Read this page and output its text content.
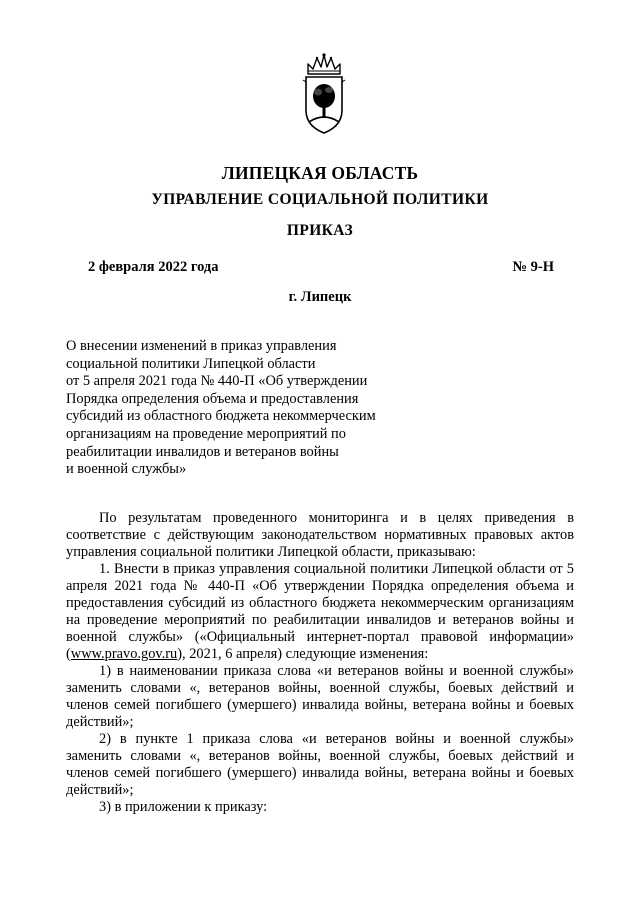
ЛИПЕЦКАЯ ОБЛАСТЬ
УПРАВЛЕНИЕ СОЦИАЛЬНОЙ ПОЛИТИКИ
ПРИКАЗ
2 февраля 2022 года	№ 9-Н
г. Липецк
О внесении изменений в приказ управления
социальной политики Липецкой области
от 5 апреля 2021 года № 440-П «Об утверждении
Порядка определения объема и предоставления
субсидий из областного бюджета некоммерческим
организациям на проведение мероприятий по
реабилитации инвалидов и ветеранов войны
и военной службы»

По результатам проведенного мониторинга и в целях приведения в соответствие с действующим законодательством нормативных правовых актов управления социальной политики Липецкой области, приказываю:

1. Внести в приказ управления социальной политики Липецкой области от 5 апреля 2021 года № 440-П «Об утверждении Порядка определения объема и предоставления субсидий из областного бюджета некоммерческим организациям на проведение мероприятий по реабилитации инвалидов и ветеранов войны и военной службы» («Официальный интернет-портал правовой информации» (www.pravo.gov.ru), 2021, 6 апреля) следующие изменения:

1) в наименовании приказа слова «и ветеранов войны и военной службы» заменить словами «, ветеранов войны, военной службы, боевых действий и членов семей погибшего (умершего) инвалида войны, ветерана войны и боевых действий»;

2) в пункте 1 приказа слова «и ветеранов войны и военной службы» заменить словами «, ветеранов войны, военной службы, боевых действий и членов семей погибшего (умершего) инвалида войны, ветерана войны и боевых действий»;

3) в приложении к приказу:
